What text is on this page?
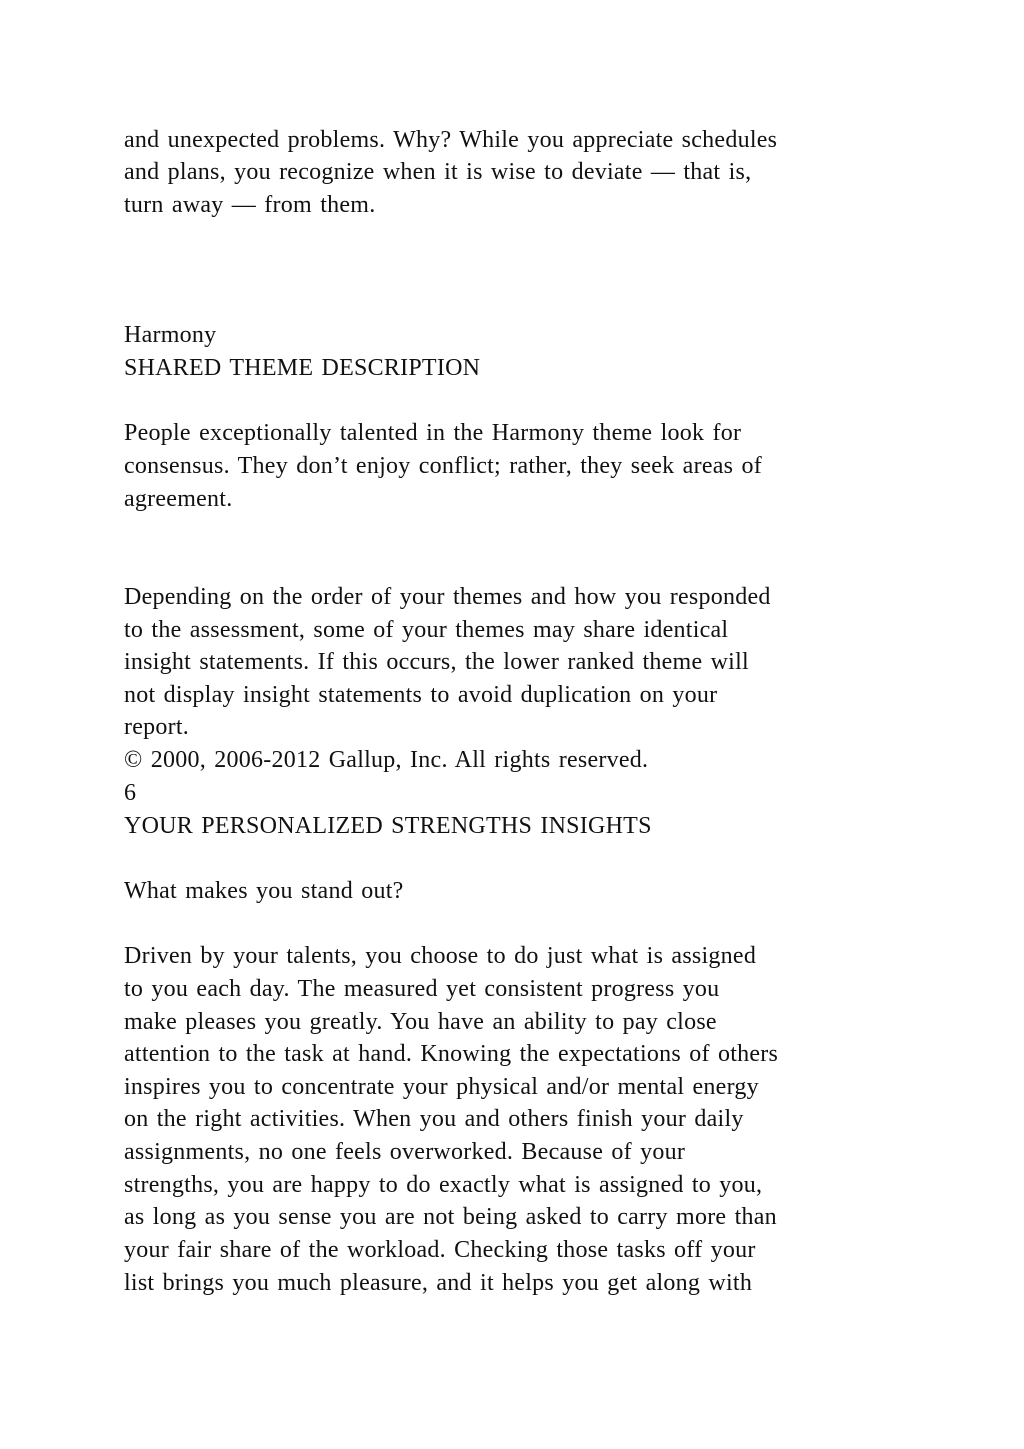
and unexpected problems. Why? While you appreciate schedules

and plans, you recognize when it is wise to deviate — that is,

turn away — from them.

Harmony

SHARED THEME DESCRIPTION

People exceptionally talented in the Harmony theme look for

consensus. They don’t enjoy conflict; rather, they seek areas of

agreement.

Depending on the order of your themes and how you responded

to the assessment, some of your themes may share identical

insight statements. If this occurs, the lower ranked theme will

not display insight statements to avoid duplication on your

report.

© 2000, 2006-2012 Gallup, Inc. All rights reserved.

6

YOUR PERSONALIZED STRENGTHS INSIGHTS

What makes you stand out?

Driven by your talents, you choose to do just what is assigned

to you each day. The measured yet consistent progress you

make pleases you greatly. You have an ability to pay close

attention to the task at hand. Knowing the expectations of others

inspires you to concentrate your physical and/or mental energy

on the right activities. When you and others finish your daily

assignments, no one feels overworked. Because of your

strengths, you are happy to do exactly what is assigned to you,

as long as you sense you are not being asked to carry more than

your fair share of the workload. Checking those tasks off your

list brings you much pleasure, and it helps you get along with
